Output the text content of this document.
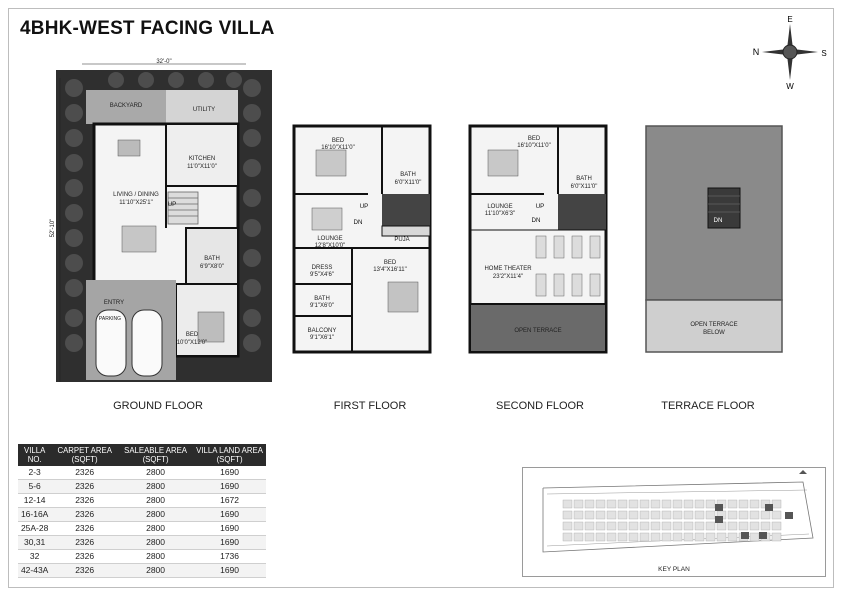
4BHK-WEST FACING VILLA	E
N	S
W
32'-0"
52'-10"
BACKYARD
UTILITY
KITCHEN
11'0"X11'0"
LIVING / DINING
11'10"X25'1" UP
BATH
6'9"X8'0"
ENTRY
PARKING
BED
10'0"X12'0"
GROUND FLOOR
BED
16'10"X11'0"
BATH
6'0"X11'0"
UP
DN
LOUNGE
12'8"X10'0"
PUJA
DRESS
9'5"X4'6"
BED
13'4"X16'11"
BATH
9'1"X6'0"
BALCONY
9'1"X6'1"
FIRST FLOOR
BED
16'10"X11'0"
BATH
6'0"X11'0"
UP
DN
LOUNGE
11'10"X6'3"
HOME THEATER
23'2"X11'4"
OPEN TERRACE
SECOND FLOOR
DN
OPEN TERRACE
BELOW
TERRACE FLOOR
VILLA NO.	CARPET AREA (SQFT)	SALEABLE AREA (SQFT)	VILLA LAND AREA (SQFT)
2-3	2326	2800	1690
5-6	2326	2800	1690
12-14	2326	2800	1672
16-16A	2326	2800	1690
25A-28	2326	2800	1690
30,31	2326	2800	1690
32	2326	2800	1736
42-43A	2326	2800	1690	KEY PLAN
